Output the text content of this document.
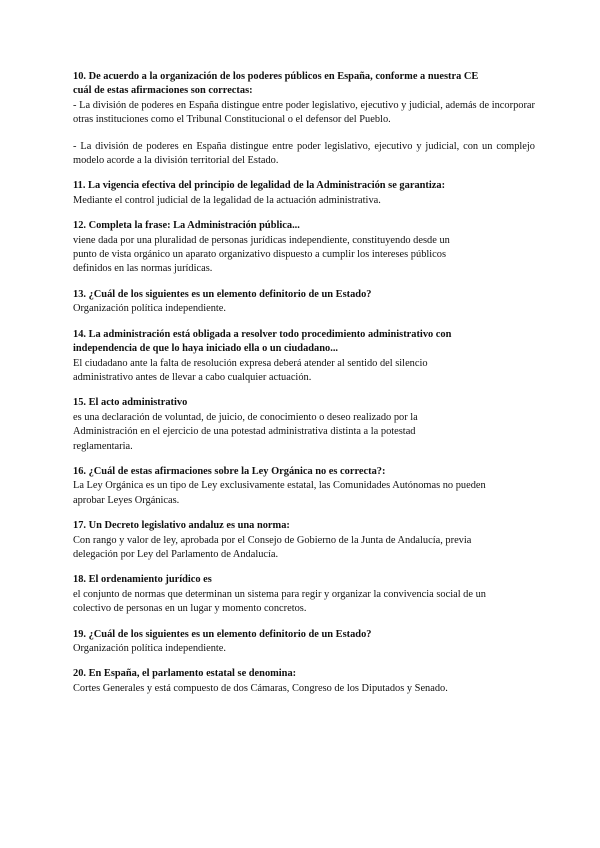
10. De acuerdo a la organización de los poderes públicos en España, conforme a nuestra CE cuál de estas afirmaciones son correctas:

- La división de poderes en España distingue entre poder legislativo, ejecutivo y judicial, además de incorporar otras instituciones como el Tribunal Constitucional o el defensor del Pueblo.

- La división de poderes en España distingue entre poder legislativo, ejecutivo y judicial, con un complejo modelo acorde a la división territorial del Estado.

11. La vigencia efectiva del principio de legalidad de la Administración se garantiza:

Mediante el control judicial de la legalidad de la actuación administrativa.

12. Completa la frase: La Administración pública...

viene dada por una pluralidad de personas jurídicas independiente, constituyendo desde un punto de vista orgánico un aparato organizativo dispuesto a cumplir los intereses públicos definidos en las normas jurídicas.

13. ¿Cuál de los siguientes es un elemento definitorio de un Estado?

Organización política independiente.

14. La administración está obligada a resolver todo procedimiento administrativo con independencia de que lo haya iniciado ella o un ciudadano...

El ciudadano ante la falta de resolución expresa deberá atender al sentido del silencio administrativo antes de llevar a cabo cualquier actuación.

15. El acto administrativo

es una declaración de voluntad, de juicio, de conocimiento o deseo realizado por la Administración en el ejercicio de una potestad administrativa distinta a la potestad reglamentaria.

16. ¿Cuál de estas afirmaciones sobre la Ley Orgánica no es correcta?:

La Ley Orgánica es un tipo de Ley exclusivamente estatal, las Comunidades Autónomas no pueden aprobar Leyes Orgánicas.

17. Un Decreto legislativo andaluz es una norma:

Con rango y valor de ley, aprobada por el Consejo de Gobierno de la Junta de Andalucía, previa delegación por Ley del Parlamento de Andalucía.

18. El ordenamiento jurídico es

el conjunto de normas que determinan un sistema para regir y organizar la convivencia social de un colectivo de personas en un lugar y momento concretos.

19. ¿Cuál de los siguientes es un elemento definitorio de un Estado?

Organización política independiente.

20. En España, el parlamento estatal se denomina:

Cortes Generales y está compuesto de dos Cámaras, Congreso de los Diputados y Senado.
